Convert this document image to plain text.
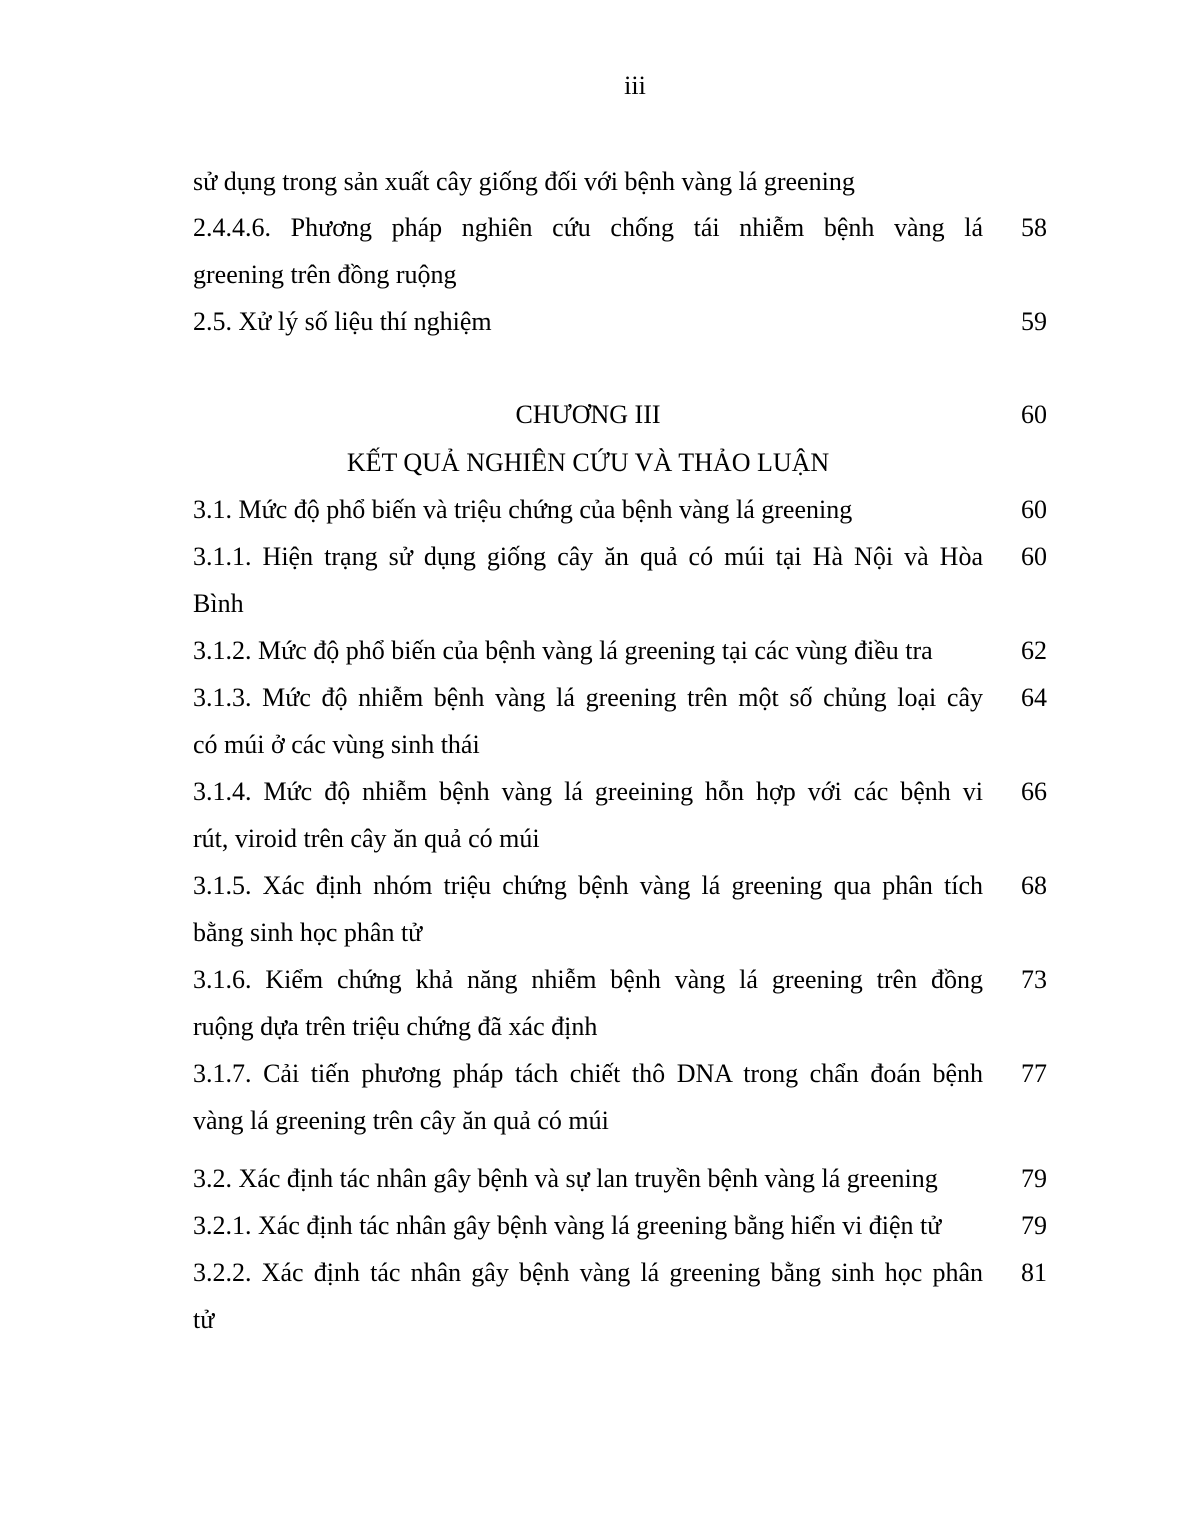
iii
sử dụng trong sản xuất cây giống đối với bệnh vàng lá greening
2.4.4.6. Phương pháp nghiên cứu chống tái nhiễm bệnh vàng lá	58
greening trên đồng ruộng
2.5. Xử lý số liệu thí nghiệm	59
CHƯƠNG III	60
KẾT QUẢ NGHIÊN CỨU VÀ THẢO LUẬN
3.1. Mức độ phổ biến và triệu chứng của bệnh vàng lá greening	60
3.1.1. Hiện trạng sử dụng giống cây ăn quả có múi tại Hà Nội và Hòa	60
Bình
3.1.2. Mức độ phổ biến của bệnh vàng lá greening tại các vùng điều tra	62
3.1.3. Mức độ nhiễm bệnh vàng lá greening trên một số chủng loại cây	64
có múi ở các vùng sinh thái
3.1.4. Mức độ nhiễm bệnh vàng lá greeining hỗn hợp với các bệnh vi	66
rút, viroid trên cây ăn quả có múi
3.1.5. Xác định nhóm triệu chứng bệnh vàng lá greening qua phân tích	68
bằng sinh học phân tử
3.1.6. Kiểm chứng khả năng nhiễm bệnh vàng lá greening trên đồng	73
ruộng dựa trên triệu chứng đã xác định
3.1.7. Cải tiến phương pháp tách chiết thô DNA trong chẩn đoán bệnh	77
vàng lá greening trên cây ăn quả có múi
3.2. Xác định tác nhân gây bệnh và sự lan truyền bệnh vàng lá greening	79
3.2.1. Xác định tác nhân gây bệnh vàng lá greening bằng hiển vi điện tử	79
3.2.2. Xác định tác nhân gây bệnh vàng lá greening bằng sinh học phân	81
tử
